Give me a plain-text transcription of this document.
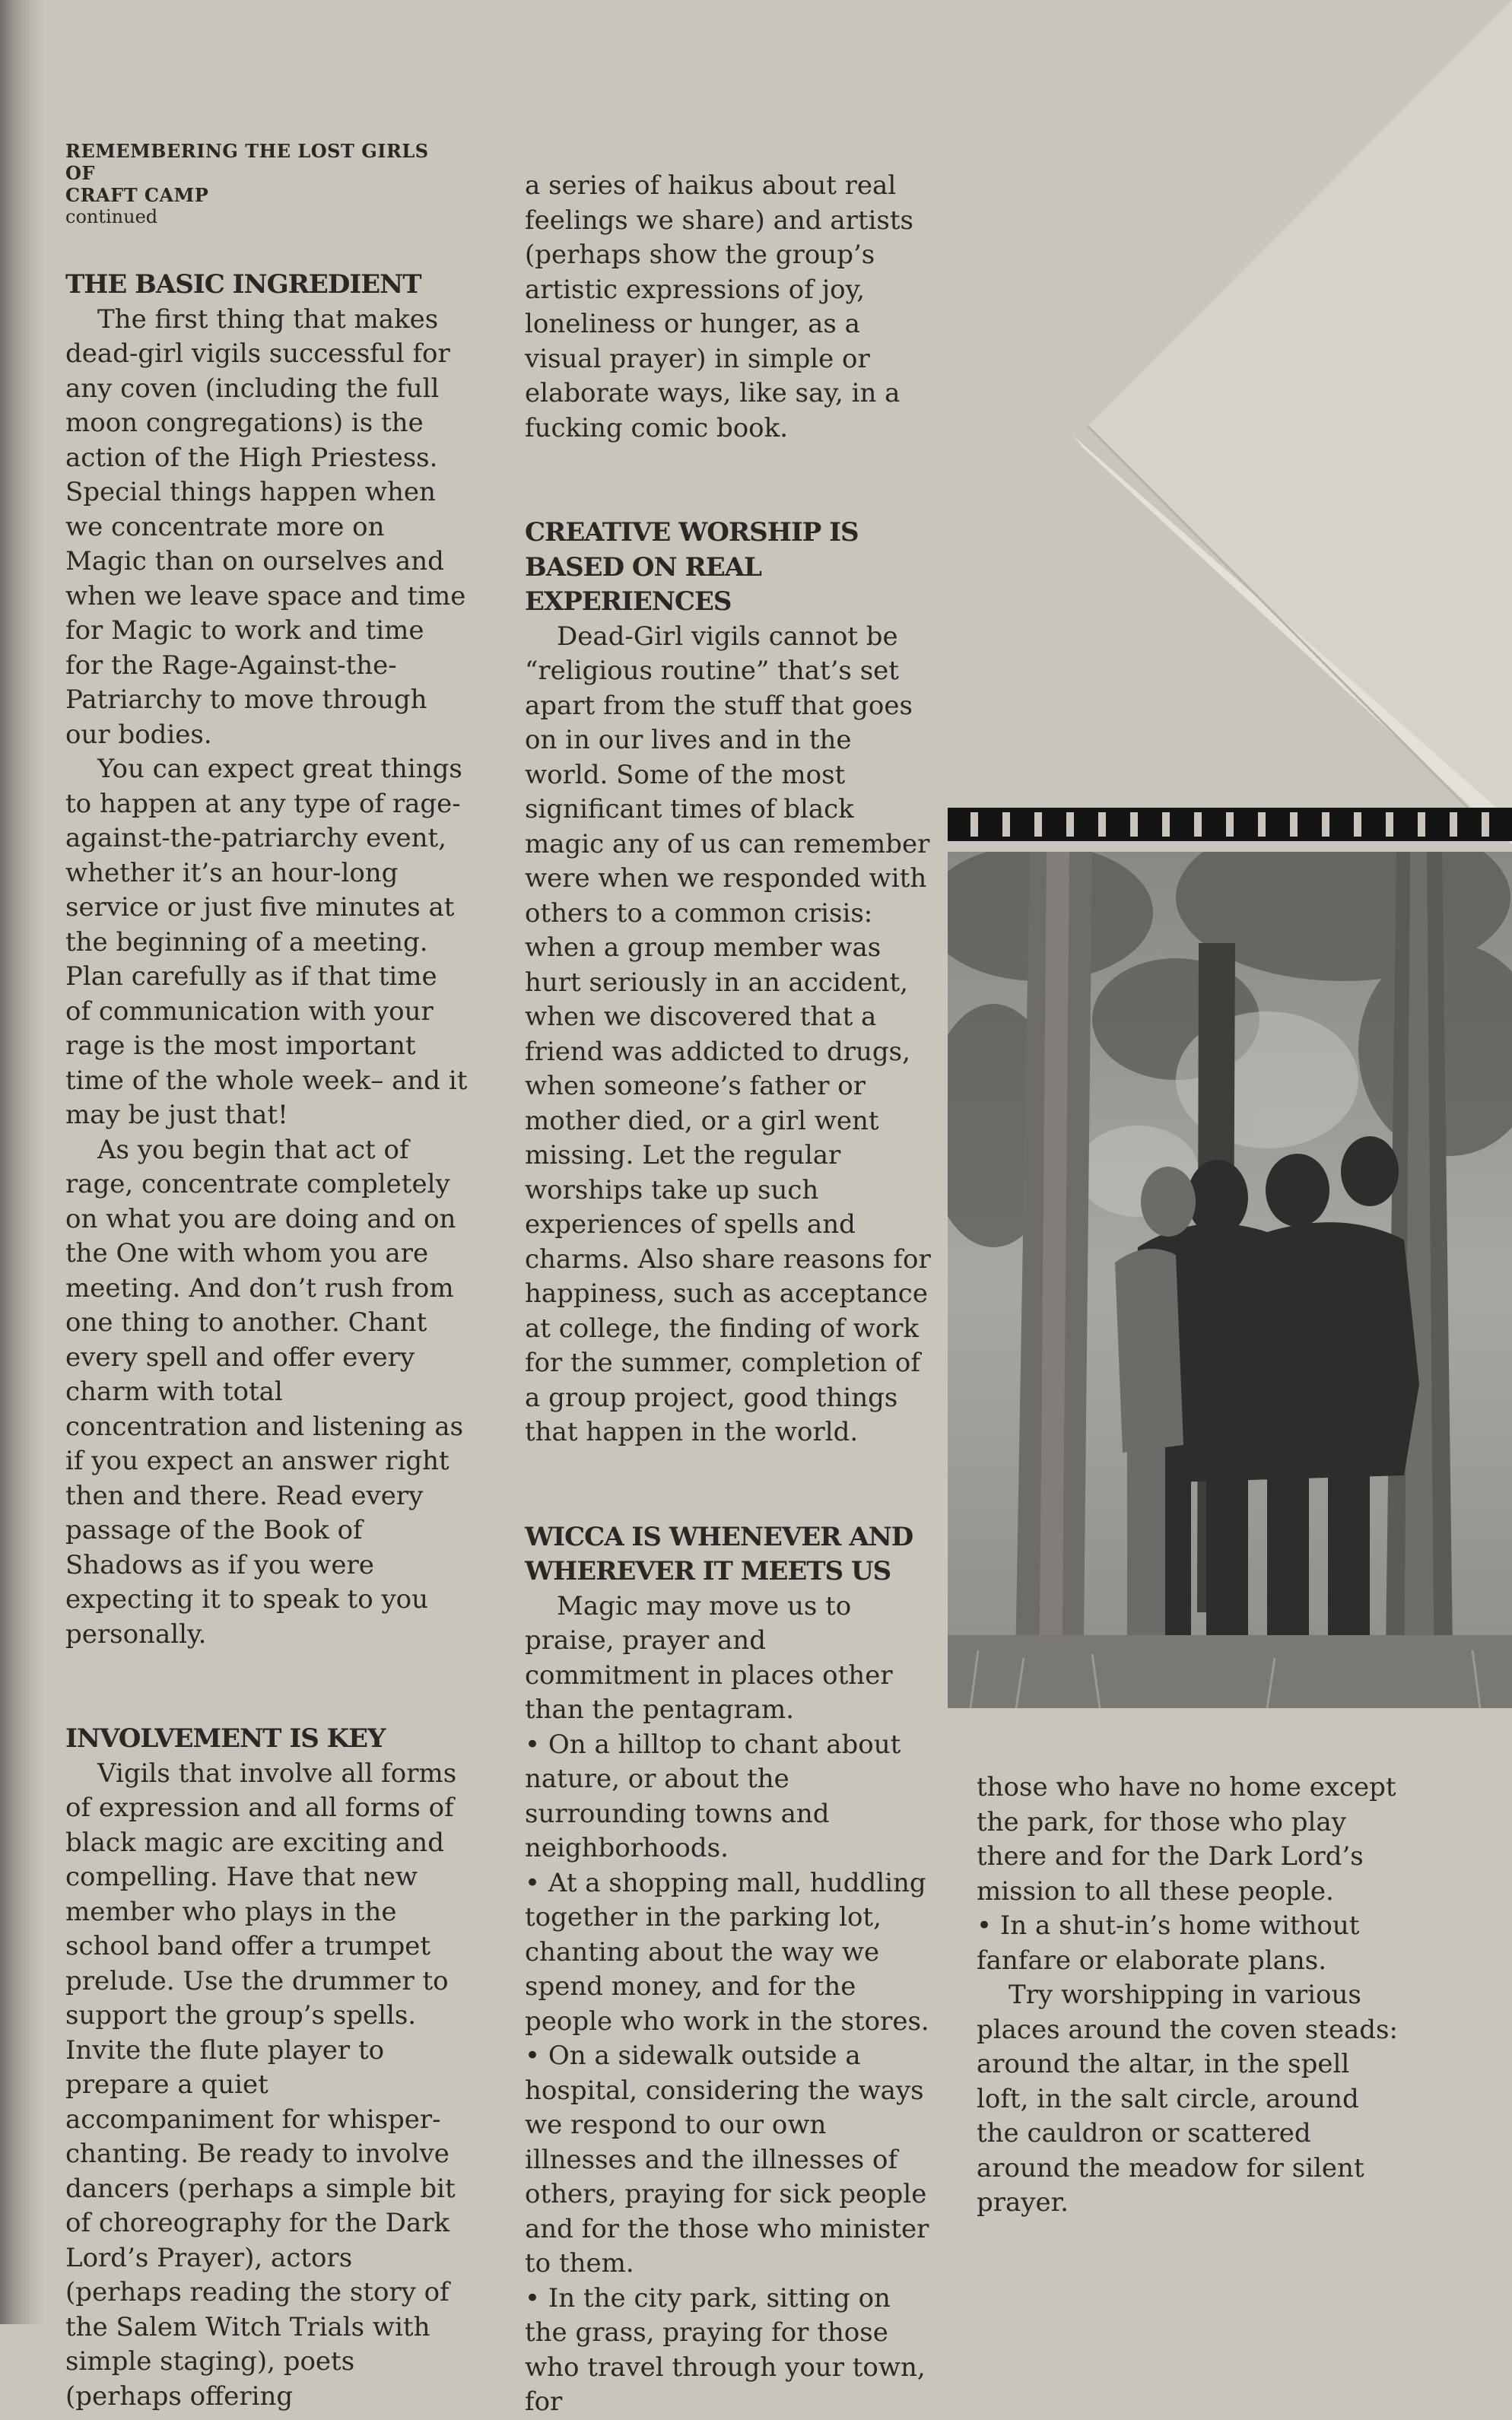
REMEMBERING THE LOST GIRLS OF
CRAFT CAMP
continued
THE BASIC INGREDIENT

The first thing that makes dead-girl vigils successful for any coven (including the full moon congregations) is the action of the High Priestess. Special things happen when we concentrate more on Magic than on ourselves and when we leave space and time for Magic to work and time for the Rage-Against-the-Patriarchy to move through our bodies.

You can expect great things to happen at any type of rage-against-the-patriarchy event, whether it’s an hour-long service or just five minutes at the beginning of a meeting. Plan carefully as if that time of communication with your rage is the most important time of the whole week– and it may be just that!

As you begin that act of rage, concentrate completely on what you are doing and on the One with whom you are meeting. And don’t rush from one thing to another. Chant every spell and offer every charm with total concentration and listening as if you expect an answer right then and there. Read every passage of the Book of Shadows as if you were expecting it to speak to you personally.

INVOLVEMENT IS KEY

Vigils that involve all forms of expression and all forms of black magic are exciting and compelling. Have that new member who plays in the school band offer a trumpet prelude. Use the drummer to support the group’s spells. Invite the flute player to prepare a quiet accompaniment for whisper-chanting. Be ready to involve dancers (perhaps a simple bit of choreography for the Dark Lord’s Prayer), actors (perhaps reading the story of the Salem Witch Trials with simple staging), poets (perhaps offering

a series of haikus about real feelings we share) and artists (perhaps show the group’s artistic expressions of joy, loneliness or hunger, as a visual prayer) in simple or elaborate ways, like say, in a fucking comic book.

CREATIVE WORSHIP IS BASED ON REAL EXPERIENCES

Dead-Girl vigils cannot be “religious routine” that’s set apart from the stuff that goes on in our lives and in the world. Some of the most significant times of black magic any of us can remember were when we responded with others to a common crisis: when a group member was hurt seriously in an accident, when we discovered that a friend was addicted to drugs, when someone’s father or mother died, or a girl went missing. Let the regular worships take up such experiences of spells and charms. Also share reasons for happiness, such as acceptance at college, the finding of work for the summer, completion of a group project, good things that happen in the world.

WICCA IS WHENEVER AND WHEREVER IT MEETS US

Magic may move us to praise, prayer and commitment in places other than the pentagram.

• On a hilltop to chant about nature, or about the surrounding towns and neighborhoods.

• At a shopping mall, huddling together in the parking lot, chanting about the way we spend money, and for the people who work in the stores.

• On a sidewalk outside a hospital, considering the ways we respond to our own illnesses and the illnesses of others, praying for sick people and for the those who minister to them.

• In the city park, sitting on the grass, praying for those who travel through your town, for

those who have no home except the park, for those who play there and for the Dark Lord’s mission to all these people.

• In a shut-in’s home without fanfare or elaborate plans.

Try worshipping in various places around the coven steads: around the altar, in the spell loft, in the salt circle, around the cauldron or scattered around the meadow for silent prayer.
